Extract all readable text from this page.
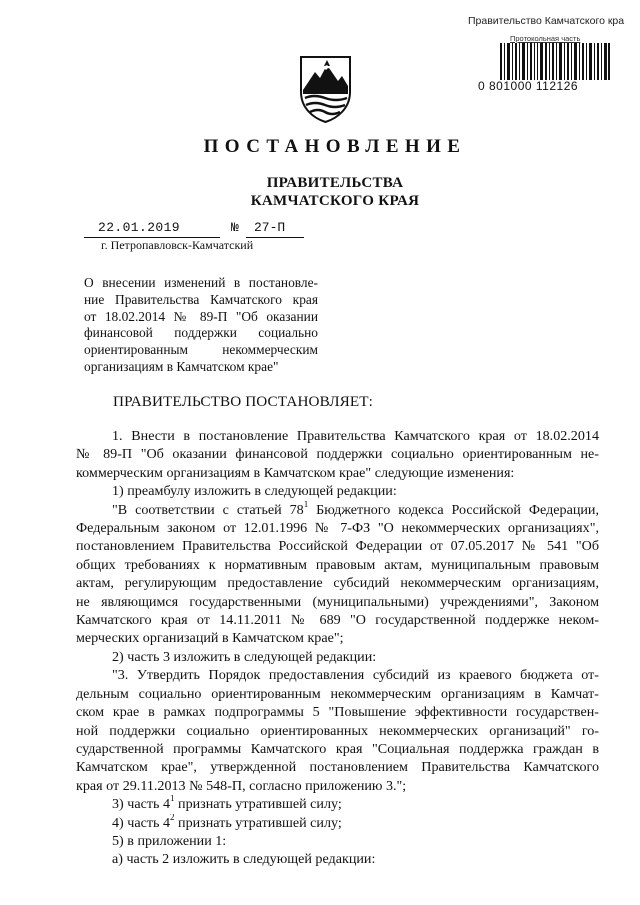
Правительство Камчатского кра
Протокольная часть
0 801000 112126
ПОСТАНОВЛЕНИЕ
ПРАВИТЕЛЬСТВА
КАМЧАТСКОГО КРАЯ
22.01.2019	№ 27-П
г. Петропавловск-Камчатский
О внесении изменений в постановле-
ние Правительства Камчатского края
от 18.02.2014 № 89-П "Об оказании
финансовой поддержки социально
ориентированным некоммерческим
организациям в Камчатском крае"
ПРАВИТЕЛЬСТВО ПОСТАНОВЛЯЕТ:

1. Внести в постановление Правительства Камчатского края от 18.02.2014

№ 89-П "Об оказании финансовой поддержки социально ориентированным не-

коммерческим организациям в Камчатском крае" следующие изменения:

1) преамбулу изложить в следующей редакции:

"В соответствии с статьей $78^1$ Бюджетного кодекса Российской Федерации,

Федеральным законом от 12.01.1996 № 7-ФЗ "О некоммерческих организациях",

постановлением Правительства Российской Федерации от 07.05.2017 № 541 "Об

общих требованиях к нормативным правовым актам, муниципальным правовым

актам, регулирующим предоставление субсидий некоммерческим организациям,

не являющимся государственными (муниципальными) учреждениями", Законом

Камчатского края от 14.11.2011 № 689 "О государственной поддержке неком-

мерческих организаций в Камчатском крае";

2) часть 3 изложить в следующей редакции:

"3. Утвердить Порядок предоставления субсидий из краевого бюджета от-

дельным социально ориентированным некоммерческим организациям в Камчат-

ском крае в рамках подпрограммы 5 "Повышение эффективности государствен-

ной поддержки социально ориентированных некоммерческих организаций" го-

сударственной программы Камчатского края "Социальная поддержка граждан в

Камчатском крае", утвержденной постановлением Правительства Камчатского

края от 29.11.2013 № 548-П, согласно приложению 3.";

3) часть $4^1$ признать утратившей силу;

4) часть $4^2$ признать утратившей силу;

5) в приложении 1:

а) часть 2 изложить в следующей редакции:
